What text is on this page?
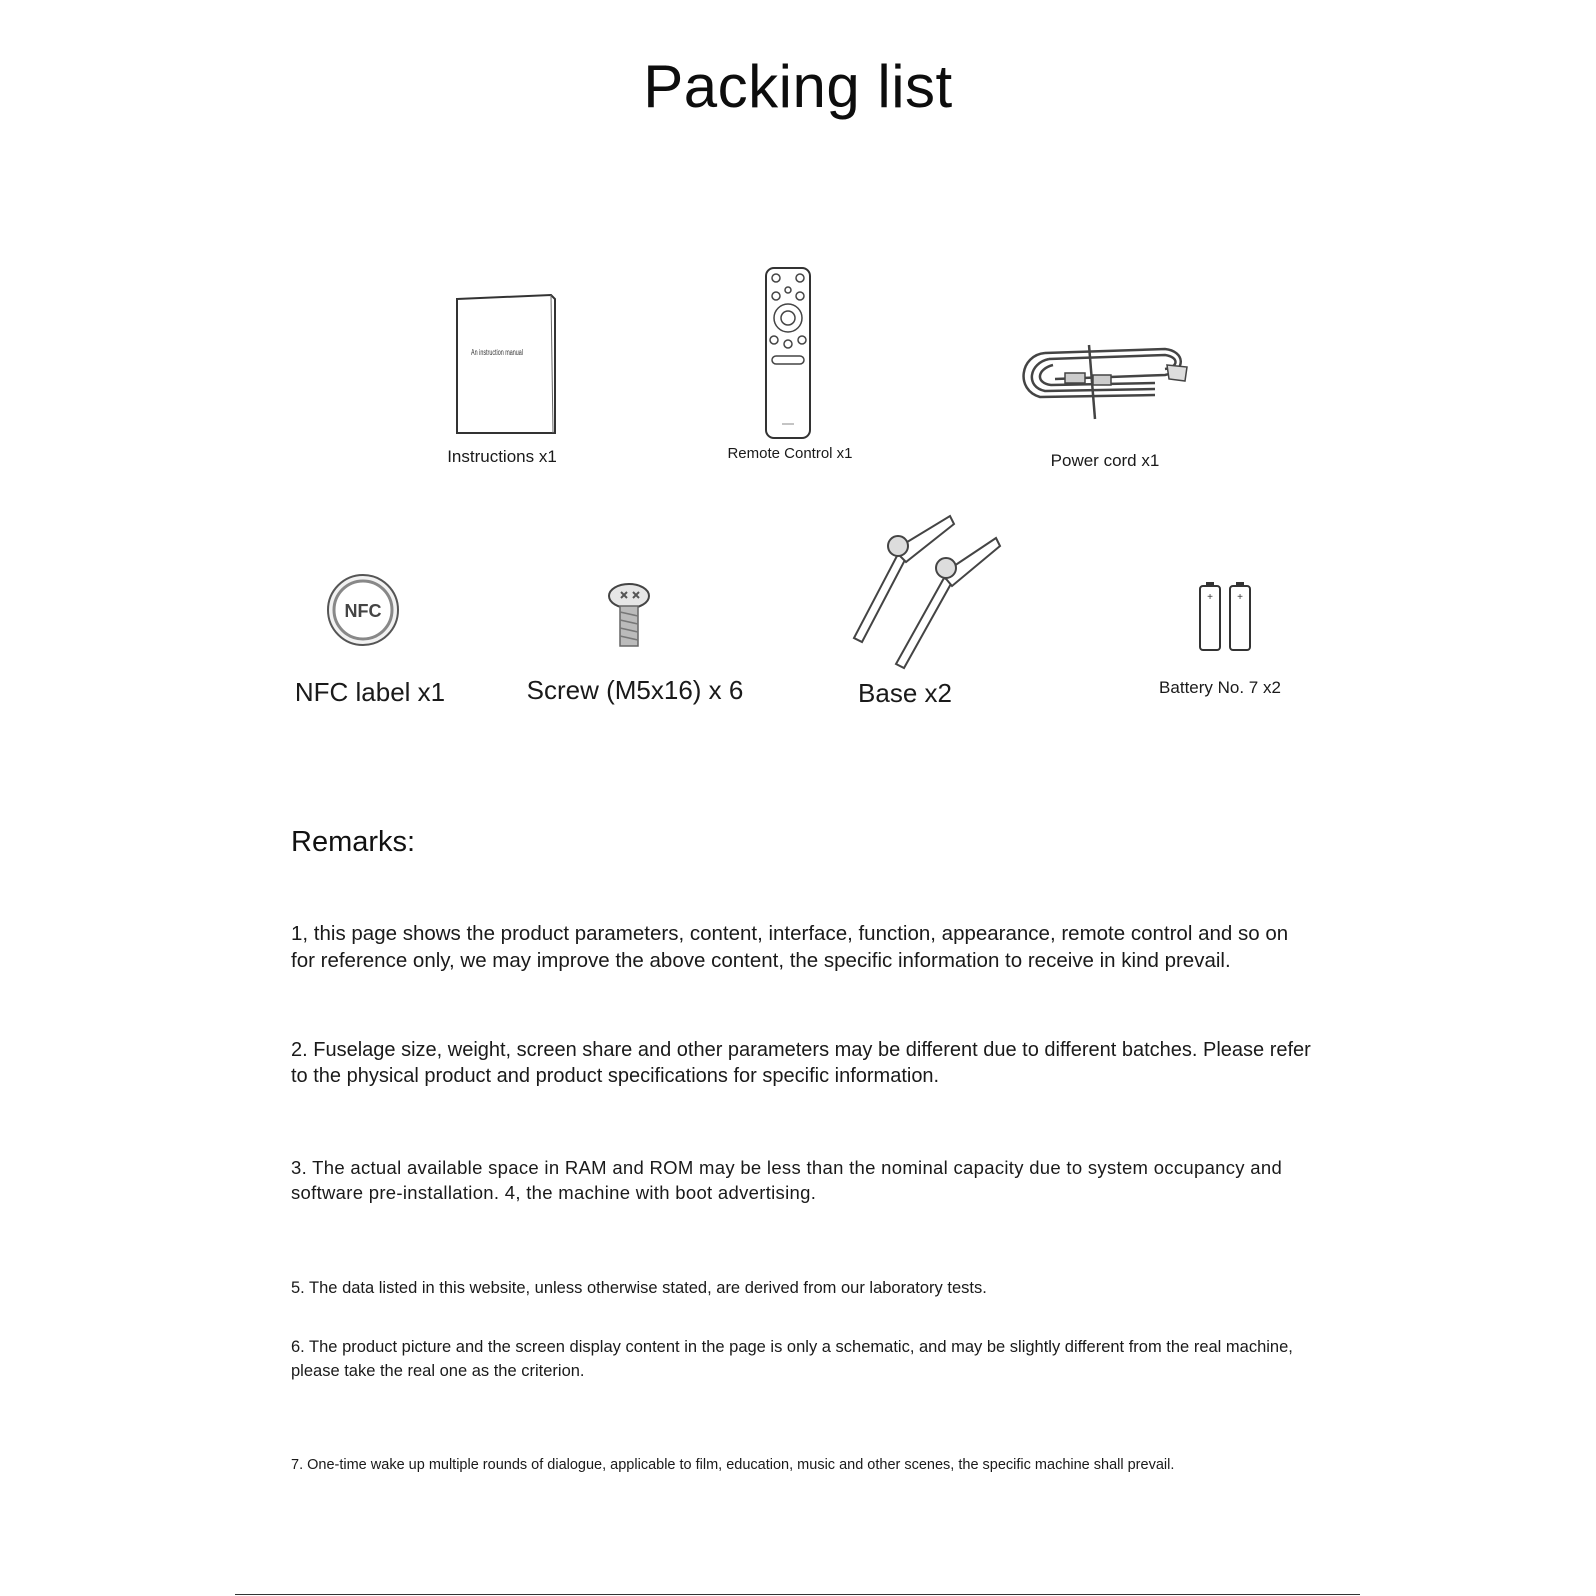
Packing list
An instruction manual
Instructions x1	Remote Control x1	Power cord x1
NFC
NFC label x1	Screw (M5x16) x 6	Base x2
+ +
Battery No. 7 x2
Remarks:
1, this page shows the product parameters, content, interface, function, appearance, remote control and so on for reference only, we may improve the above content, the specific information to receive in kind prevail.
2. Fuselage size, weight, screen share and other parameters may be different due to different batches. Please refer to the physical product and product specifications for specific information.
3. The actual available space in RAM and ROM may be less than the nominal capacity due to system occupancy and software pre-installation. 4, the machine with boot advertising.
5. The data listed in this website, unless otherwise stated, are derived from our laboratory tests.
6. The product picture and the screen display content in the page is only a schematic, and may be slightly different from the real machine, please take the real one as the criterion.
7. One-time wake up multiple rounds of dialogue, applicable to film, education, music and other scenes, the specific machine shall prevail.
